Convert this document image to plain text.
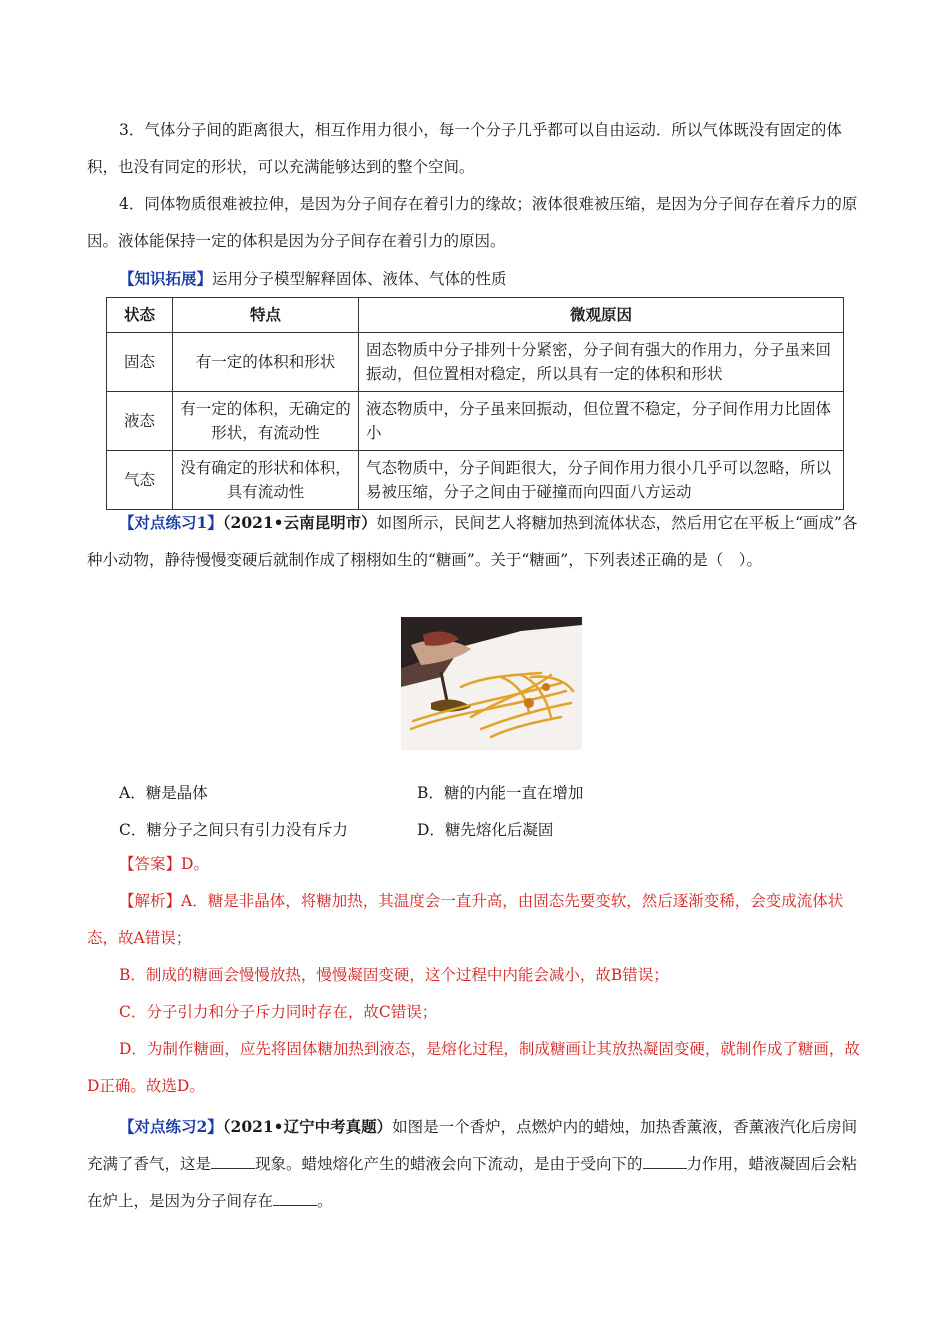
3．气体分子间的距离很大，相互作用力很小，每一个分子几乎都可以自由运动．所以气体既没有固定的体积，也没有同定的形状，可以充满能够达到的整个空间。

4．同体物质很难被拉伸，是因为分子间存在着引力的缘故；液体很难被压缩，是因为分子间存在着斥力的原因。液体能保持一定的体积是因为分子间存在着引力的原因。

【知识拓展】运用分子模型解释固体、液体、气体的性质

状态	特点	微观原因
固态	有一定的体积和形状	固态物质中分子排列十分紧密，分子间有强大的作用力，分子虽来回振动，但位置相对稳定，所以具有一定的体积和形状
液态	有一定的体积，无确定的形状，有流动性	液态物质中，分子虽来回振动，但位置不稳定，分子间作用力比固体小
气态	没有确定的形状和体积，具有流动性	气态物质中，分子间距很大，分子间作用力很小几乎可以忽略，所以易被压缩，分子之间由于碰撞而向四面八方运动

【对点练习1】（2021•云南昆明市）如图所示，民间艺人将糖加热到流体状态，然后用它在平板上“画成”各种小动物，静待慢慢变硬后就制作成了栩栩如生的“糖画”。关于“糖画”，下列表述正确的是（　）。

A．糖是晶体	B．糖的内能一直在增加
C．糖分子之间只有引力没有斥力	D．糖先熔化后凝固

【答案】D。

【解析】A．糖是非晶体，将糖加热，其温度会一直升高，由固态先要变软，然后逐渐变稀，会变成流体状态，故A错误；

B．制成的糖画会慢慢放热，慢慢凝固变硬，这个过程中内能会减小，故B错误；

C．分子引力和分子斥力同时存在，故C错误；

D．为制作糖画，应先将固体糖加热到液态，是熔化过程，制成糖画让其放热凝固变硬，就制作成了糖画，故D正确。故选D。

【对点练习2】（2021•辽宁中考真题）如图是一个香炉，点燃炉内的蜡烛，加热香薰液，香薰液汽化后房间充满了香气，这是	现象。蜡烛熔化产生的蜡液会向下流动，是由于受向下的	力作用，蜡液凝固后会粘在炉上，是因为分子间存在	。
